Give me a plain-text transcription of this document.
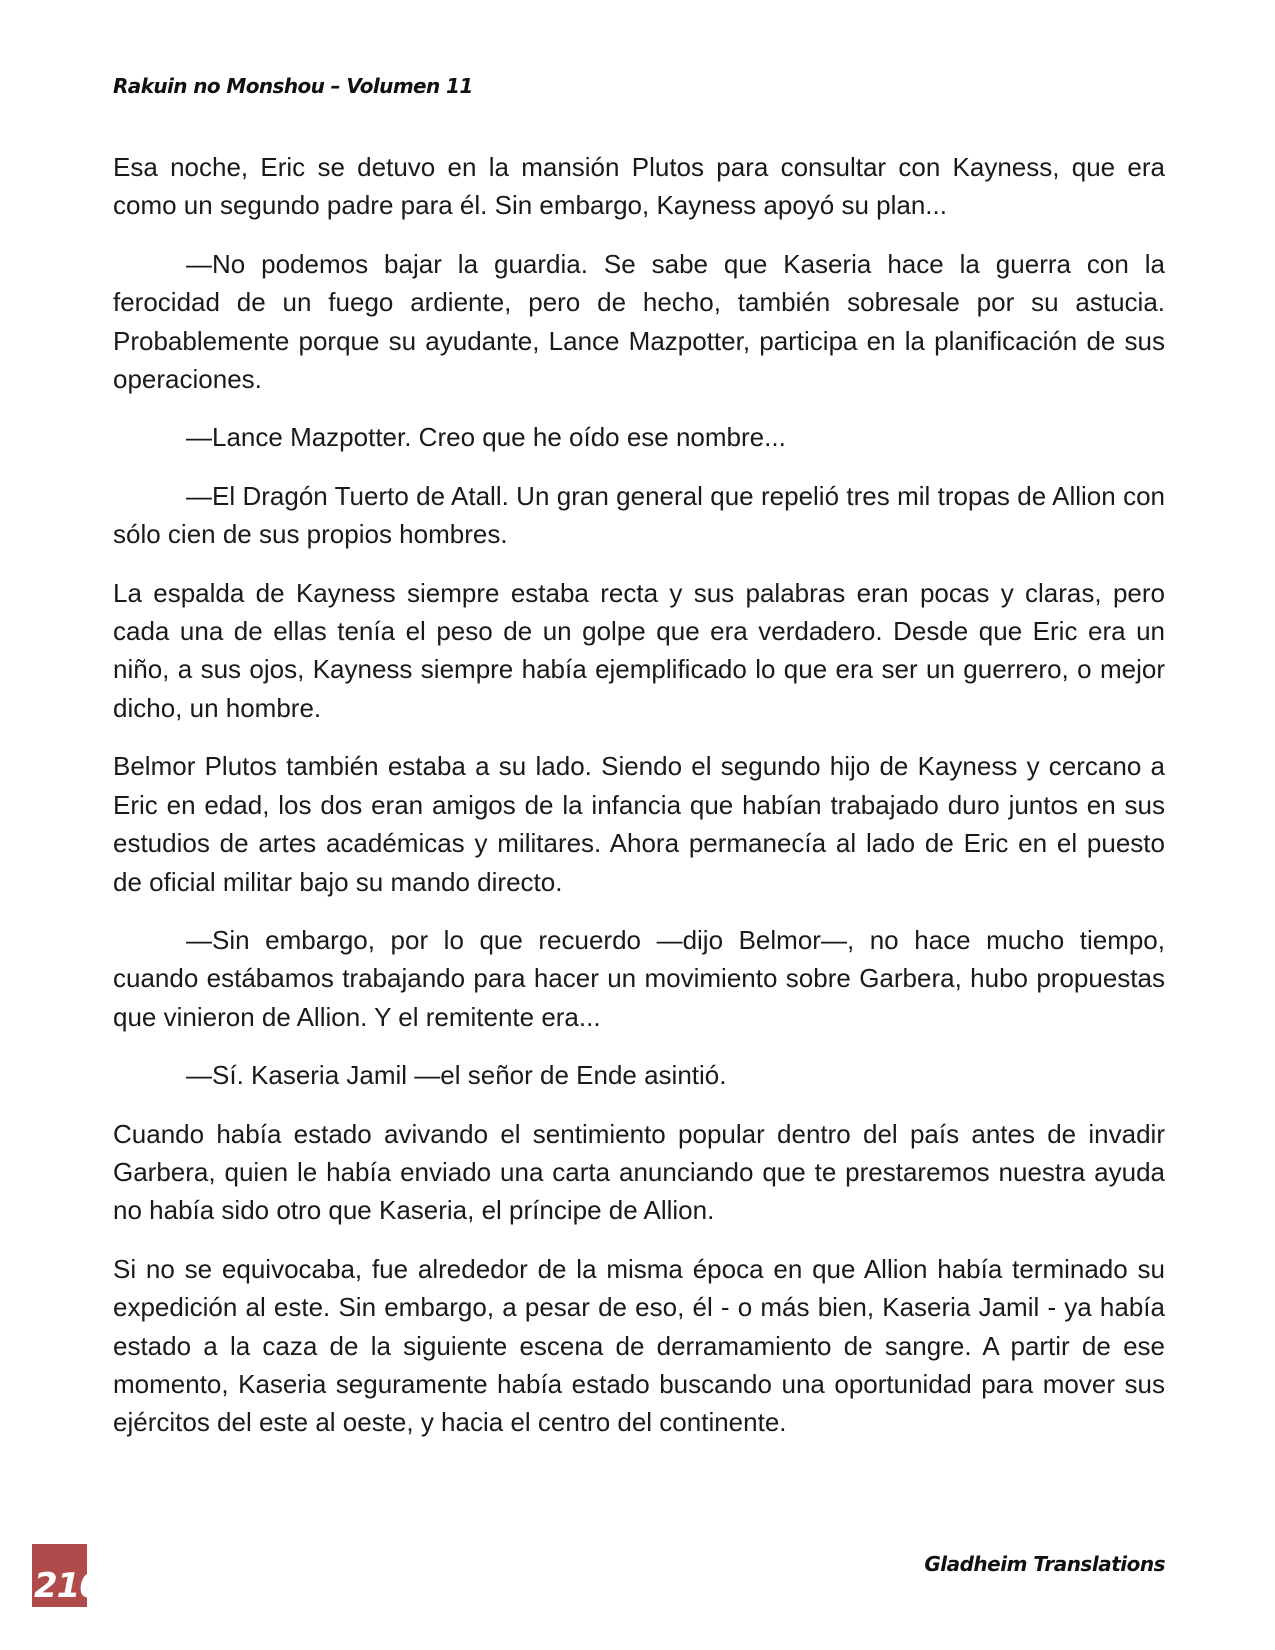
Rakuin no Monshou – Volumen 11

Esa noche, Eric se detuvo en la mansión Plutos para consultar con Kayness, que era como un segundo padre para él. Sin embargo, Kayness apoyó su plan...

—No podemos bajar la guardia. Se sabe que Kaseria hace la guerra con la ferocidad de un fuego ardiente, pero de hecho, también sobresale por su astucia. Probablemente porque su ayudante, Lance Mazpotter, participa en la planificación de sus operaciones.

—Lance Mazpotter. Creo que he oído ese nombre...

—El Dragón Tuerto de Atall. Un gran general que repelió tres mil tropas de Allion con sólo cien de sus propios hombres.

La espalda de Kayness siempre estaba recta y sus palabras eran pocas y claras, pero cada una de ellas tenía el peso de un golpe que era verdadero. Desde que Eric era un niño, a sus ojos, Kayness siempre había ejemplificado lo que era ser un guerrero, o mejor dicho, un hombre.

Belmor Plutos también estaba a su lado. Siendo el segundo hijo de Kayness y cercano a Eric en edad, los dos eran amigos de la infancia que habían trabajado duro juntos en sus estudios de artes académicas y militares. Ahora permanecía al lado de Eric en el puesto de oficial militar bajo su mando directo.

—Sin embargo, por lo que recuerdo —dijo Belmor—, no hace mucho tiempo, cuando estábamos trabajando para hacer un movimiento sobre Garbera, hubo propuestas que vinieron de Allion. Y el remitente era...

—Sí. Kaseria Jamil —el señor de Ende asintió.

Cuando había estado avivando el sentimiento popular dentro del país antes de invadir Garbera, quien le había enviado una carta anunciando que te prestaremos nuestra ayuda no había sido otro que Kaseria, el príncipe de Allion.

Si no se equivocaba, fue alrededor de la misma época en que Allion había terminado su expedición al este. Sin embargo, a pesar de eso, él - o más bien, Kaseria Jamil - ya había estado a la caza de la siguiente escena de derramamiento de sangre. A partir de ese momento, Kaseria seguramente había estado buscando una oportunidad para mover sus ejércitos del este al oeste, y hacia el centro del continente.

210
Gladheim Translations
